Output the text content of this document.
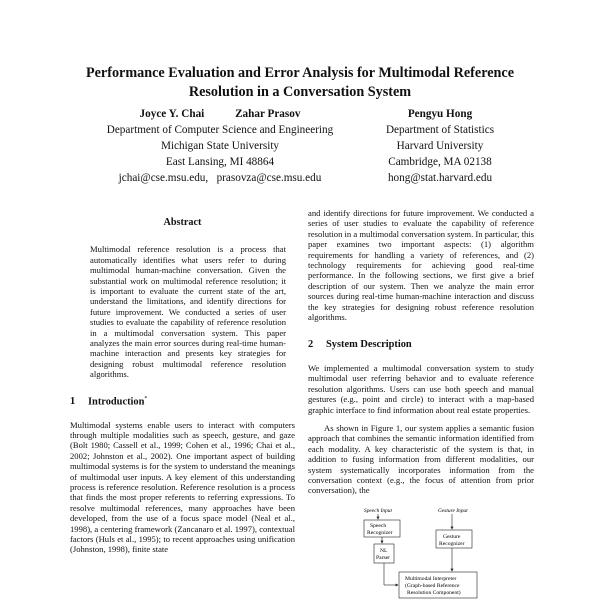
Performance Evaluation and Error Analysis for Multimodal Reference
Resolution in a Conversation System
Joyce Y. Chai	Zahar Prasov
Department of Computer Science and Engineering
Michigan State University
East Lansing, MI 48864
jchai@cse.msu.edu,   prasovza@cse.msu.edu
Pengyu Hong
Department of Statistics
Harvard University
Cambridge, MA 02138
hong@stat.harvard.edu
Abstract

Multimodal reference resolution is a process that automatically identifies what users refer to during multimodal human-machine conversation. Given the substantial work on multimodal reference resolution; it is important to evaluate the current state of the art, understand the limitations, and identify directions for future improvement. We conducted a series of user studies to evaluate the capability of reference resolution in a multimodal conversation system. This paper analyzes the main error sources during real-time human-machine interaction and presents key strategies for designing robust multimodal reference resolution algorithms.

1 Introduction*

Multimodal systems enable users to interact with computers through multiple modalities such as speech, gesture, and gaze (Bolt 1980; Cassell et al., 1999; Cohen et al., 1996; Chai et al., 2002; Johnston et al., 2002). One important aspect of building multimodal systems is for the system to understand the meanings of multimodal user inputs. A key element of this understanding process is reference resolution. Reference resolution is a process that finds the most proper referents to referring expressions. To resolve multimodal references, many approaches have been developed, from the use of a focus space model (Neal et al., 1998), a centering framework (Zancanaro et al. 1997), contextual factors (Huls et al., 1995); to recent approaches using unification (Johnston, 1998), finite state

and identify directions for future improvement. We conducted a series of user studies to evaluate the capability of reference resolution in a multimodal conversation system. In particular, this paper examines two important aspects: (1) algorithm requirements for handling a variety of references, and (2) technology requirements for achieving good real-time performance. In the following sections, we first give a brief description of our system. Then we analyze the main error sources during real-time human-machine interaction and discuss the key strategies for designing robust reference resolution algorithms.

2 System Description

We implemented a multimodal conversation system to study multimodal user referring behavior and to evaluate reference resolution algorithms. Users can use both speech and manual gestures (e.g., point and circle) to interact with a map-based graphic interface to find information about real estate properties.

As shown in Figure 1, our system applies a semantic fusion approach that combines the semantic information identified from each modality. A key characteristic of the system is that, in addition to fusing information from different modalities, our system systematically incorporates information from the conversation context (e.g., the focus of attention from prior conversation), the

Speech Input	Gesture Input
Speech
Recognizer
NL
Parser
Gesture
Recognizer
Multimodal Interpreter
(Graph-based Reference
Resolution Component)
